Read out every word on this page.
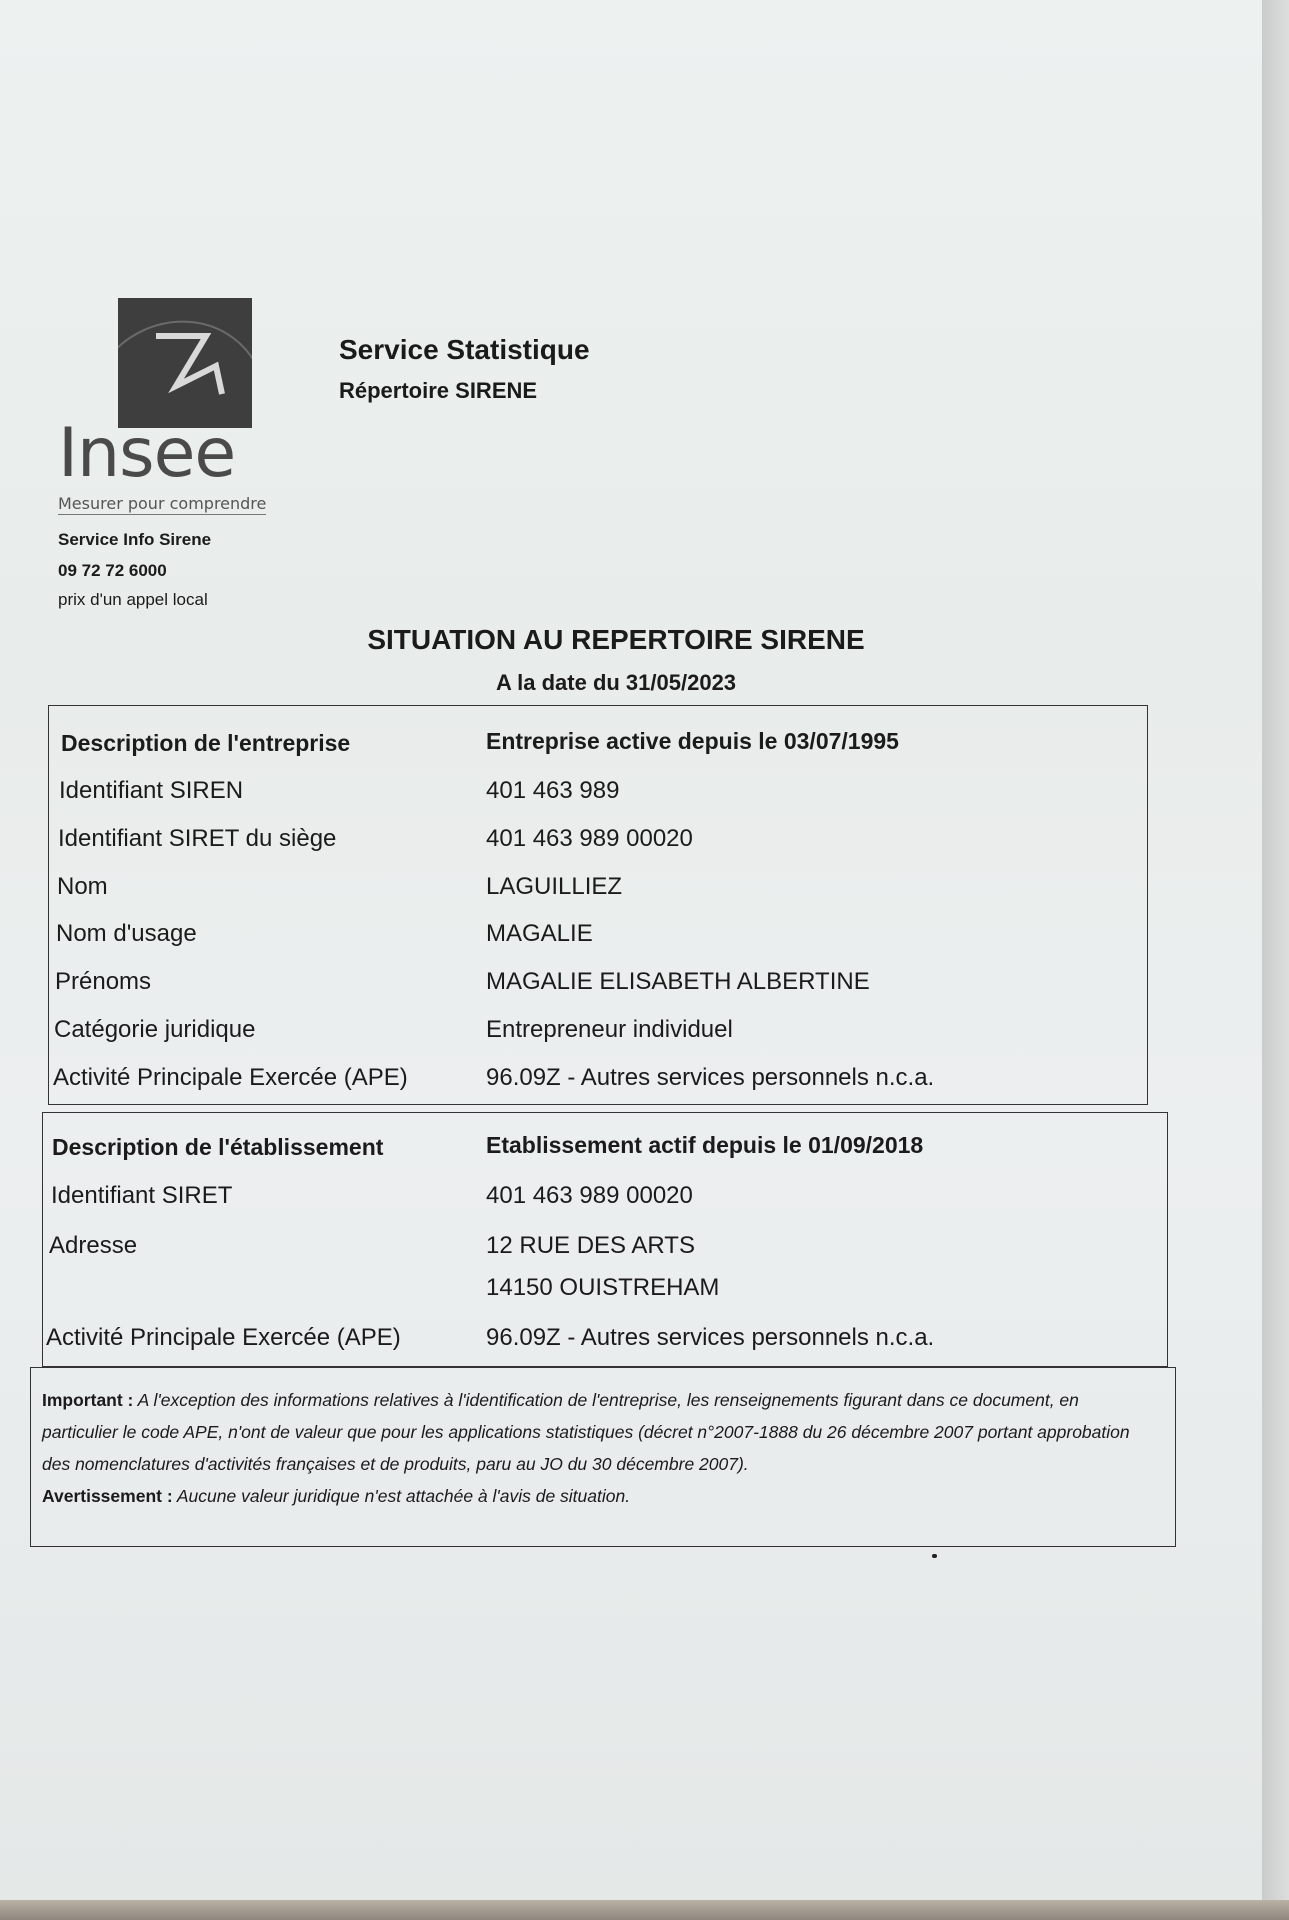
Insee
Mesurer pour comprendre
Service Info Sirene
09 72 72 6000
prix d'un appel local
Service Statistique
Répertoire SIRENE
SITUATION AU REPERTOIRE SIRENE
A la date du 31/05/2023
Description de l'entreprise	Entreprise active depuis le 03/07/1995
Identifiant SIREN	401 463 989
Identifiant SIRET du siège	401 463 989 00020
Nom	LAGUILLIEZ
Nom d'usage	MAGALIE
Prénoms	MAGALIE ELISABETH ALBERTINE
Catégorie juridique	Entrepreneur individuel
Activité Principale Exercée (APE)	96.09Z - Autres services personnels n.c.a.
Description de l'établissement	Etablissement actif depuis le 01/09/2018
Identifiant SIRET	401 463 989 00020
Adresse	12 RUE DES ARTS
14150 OUISTREHAM
Activité Principale Exercée (APE)	96.09Z - Autres services personnels n.c.a.
Important : A l'exception des informations relatives à l'identification de l'entreprise, les renseignements figurant dans ce document, en particulier le code APE, n'ont de valeur que pour les applications statistiques (décret n°2007-1888 du 26 décembre 2007 portant approbation des nomenclatures d'activités françaises et de produits, paru au JO du 30 décembre 2007).
Avertissement : Aucune valeur juridique n'est attachée à l'avis de situation.
